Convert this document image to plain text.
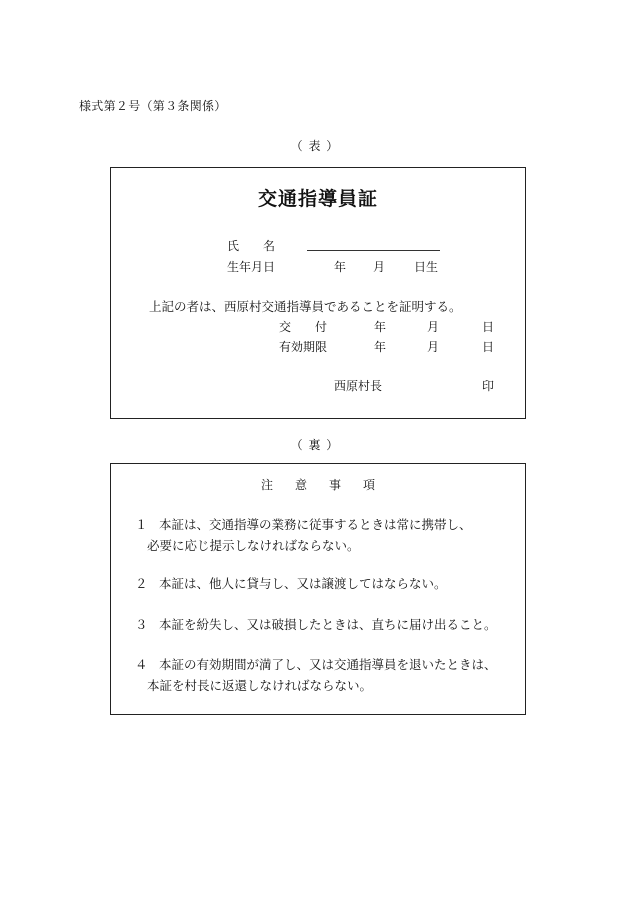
様式第２号（第３条関係）
（ 表 ）
交通指導員証
氏　　名
生年月日	年 月 日生
上記の者は、西原村交通指導員であることを証明する。
交　　付	年	月	日
有効期限	年	月	日
西原村長	印
（ 裏 ）
注 意 事 項
１ 本証は、交通指導の業務に従事するときは常に携帯し、
必要に応じ提示しなければならない。
２ 本証は、他人に貸与し、又は譲渡してはならない。
３ 本証を紛失し、又は破損したときは、直ちに届け出ること。
４ 本証の有効期間が満了し、又は交通指導員を退いたときは、
本証を村長に返還しなければならない。
